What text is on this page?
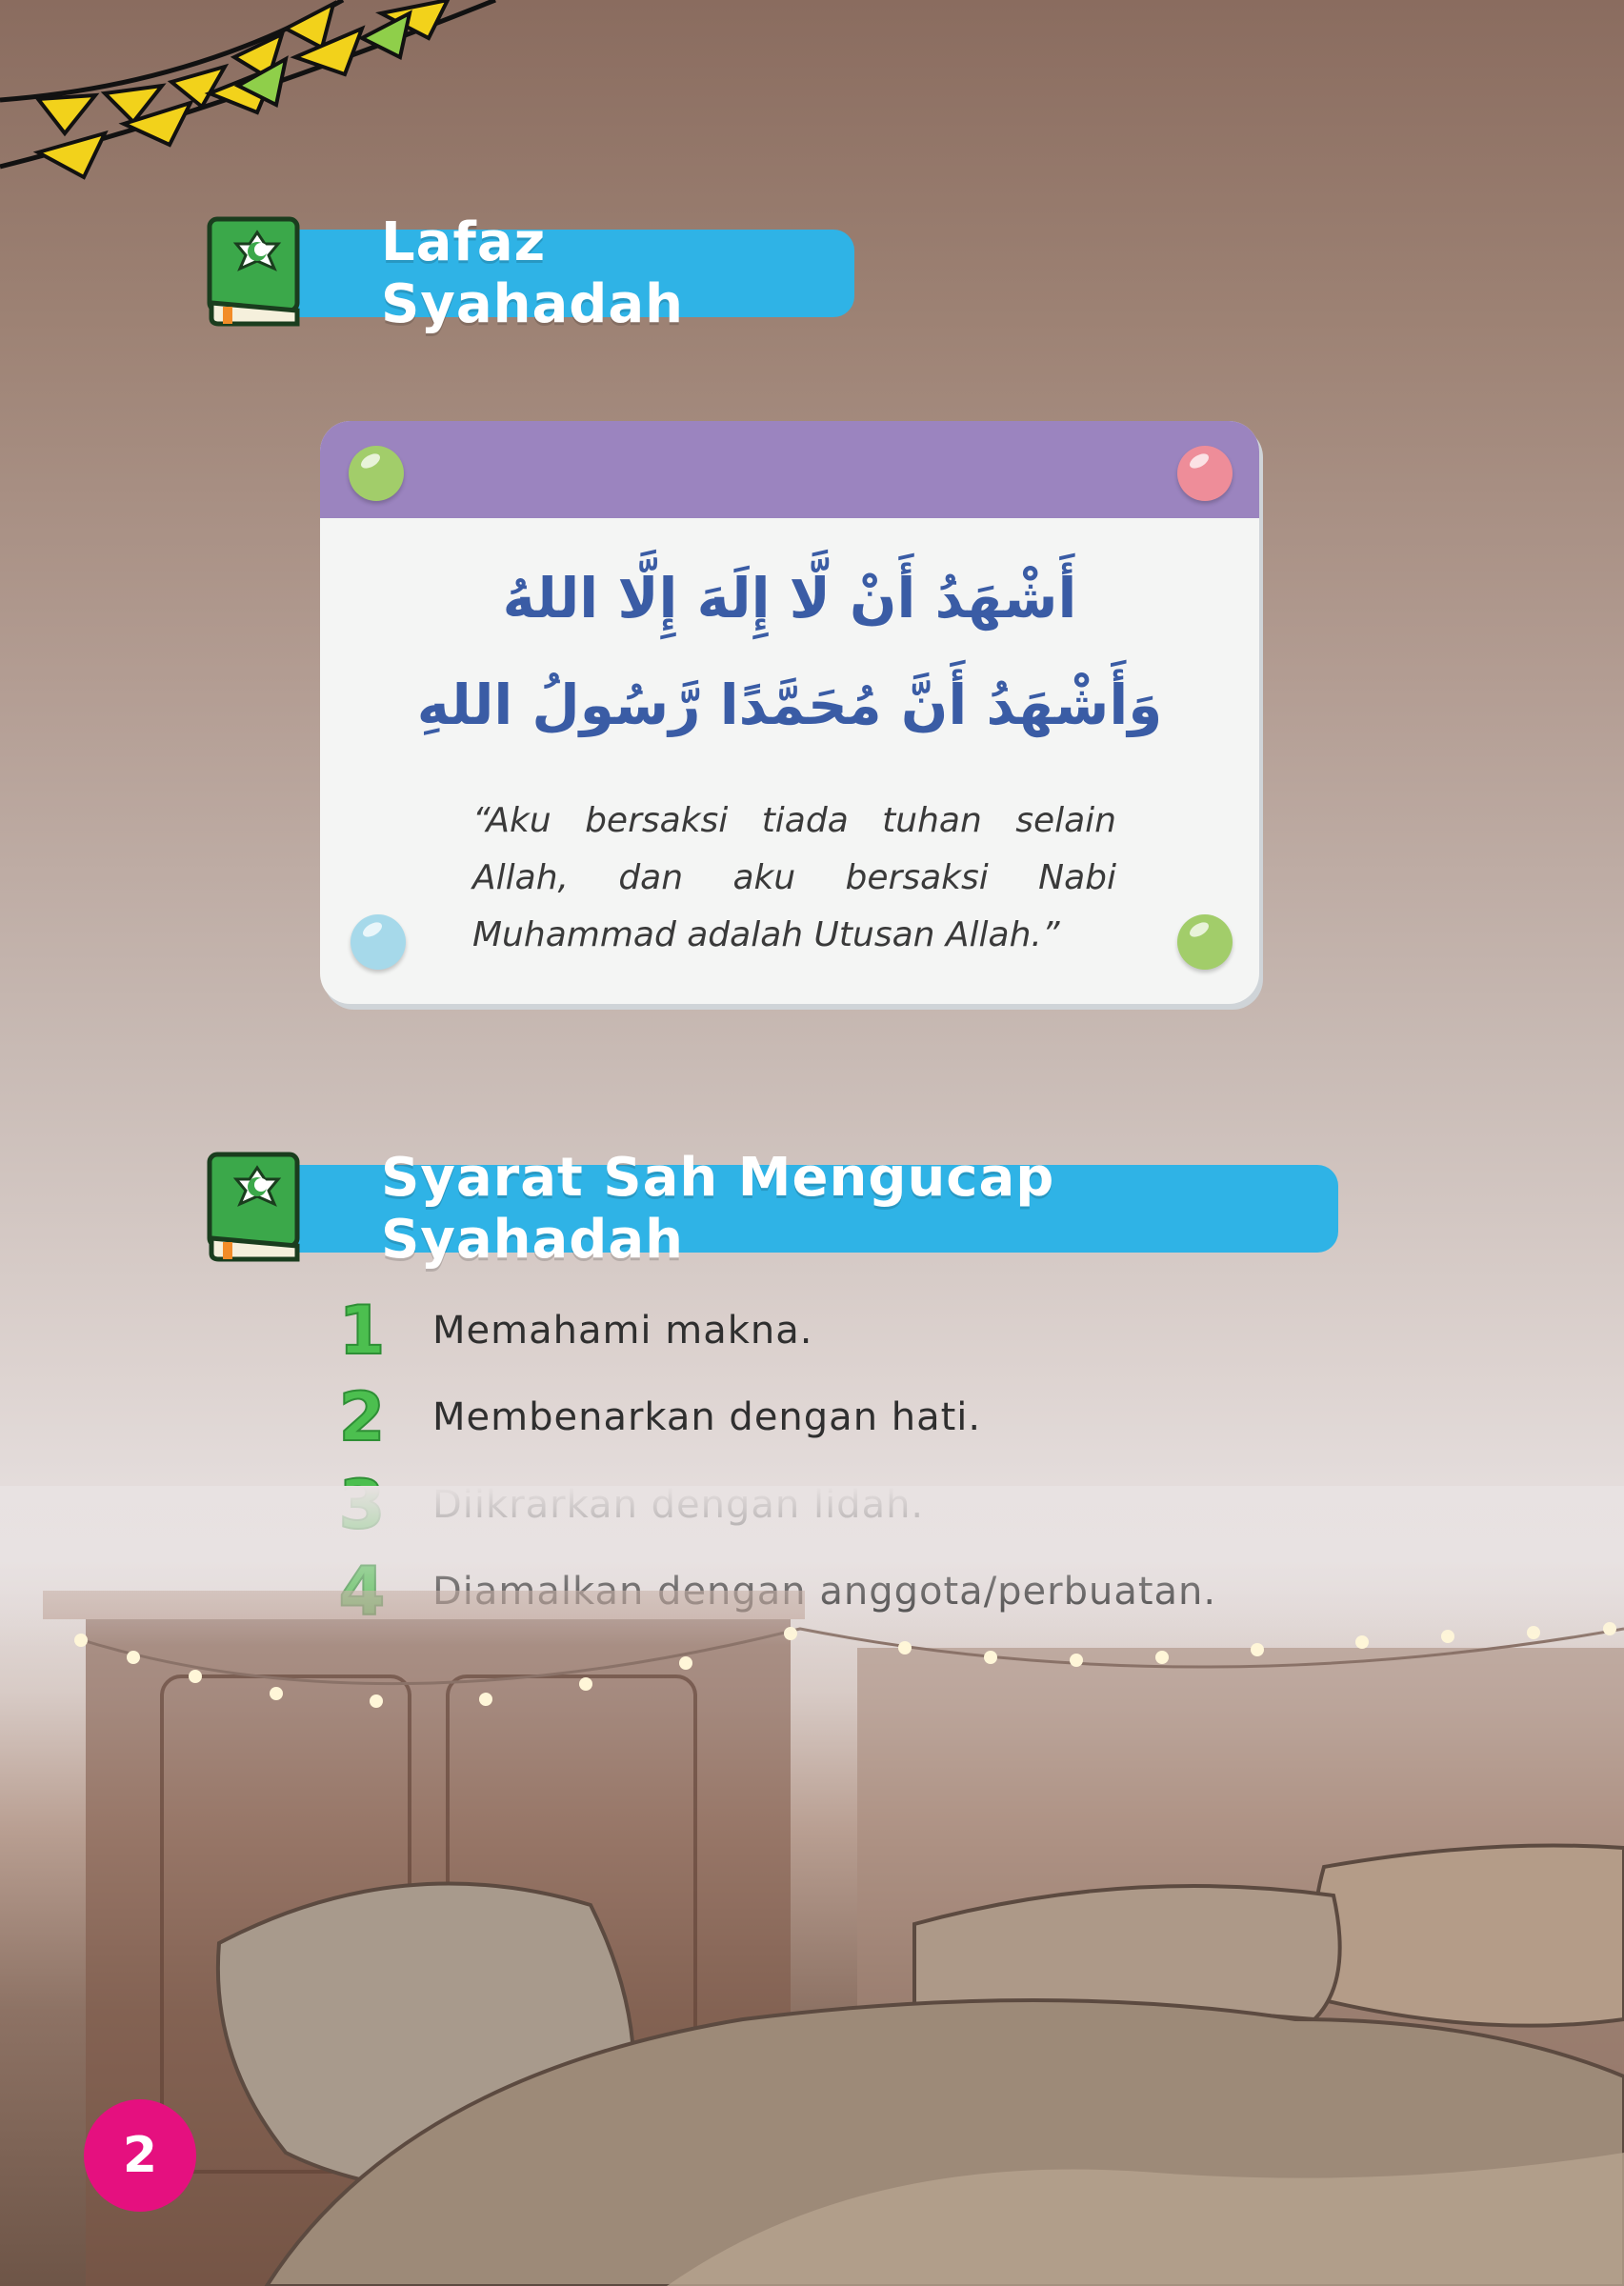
Lafaz Syahadah
أَشْهَدُ أَنْ لَّا إِلَهَ إِلَّا اللهُ
وَأَشْهَدُ أَنَّ مُحَمَّدًا رَّسُولُ اللهِ

“Aku bersaksi tiada tuhan selain Allah, dan aku bersaksi Nabi Muhammad adalah Utusan Allah.”

Syarat Sah Mengucap Syahadah
1 Memahami makna.
2 Membenarkan dengan hati.
2
